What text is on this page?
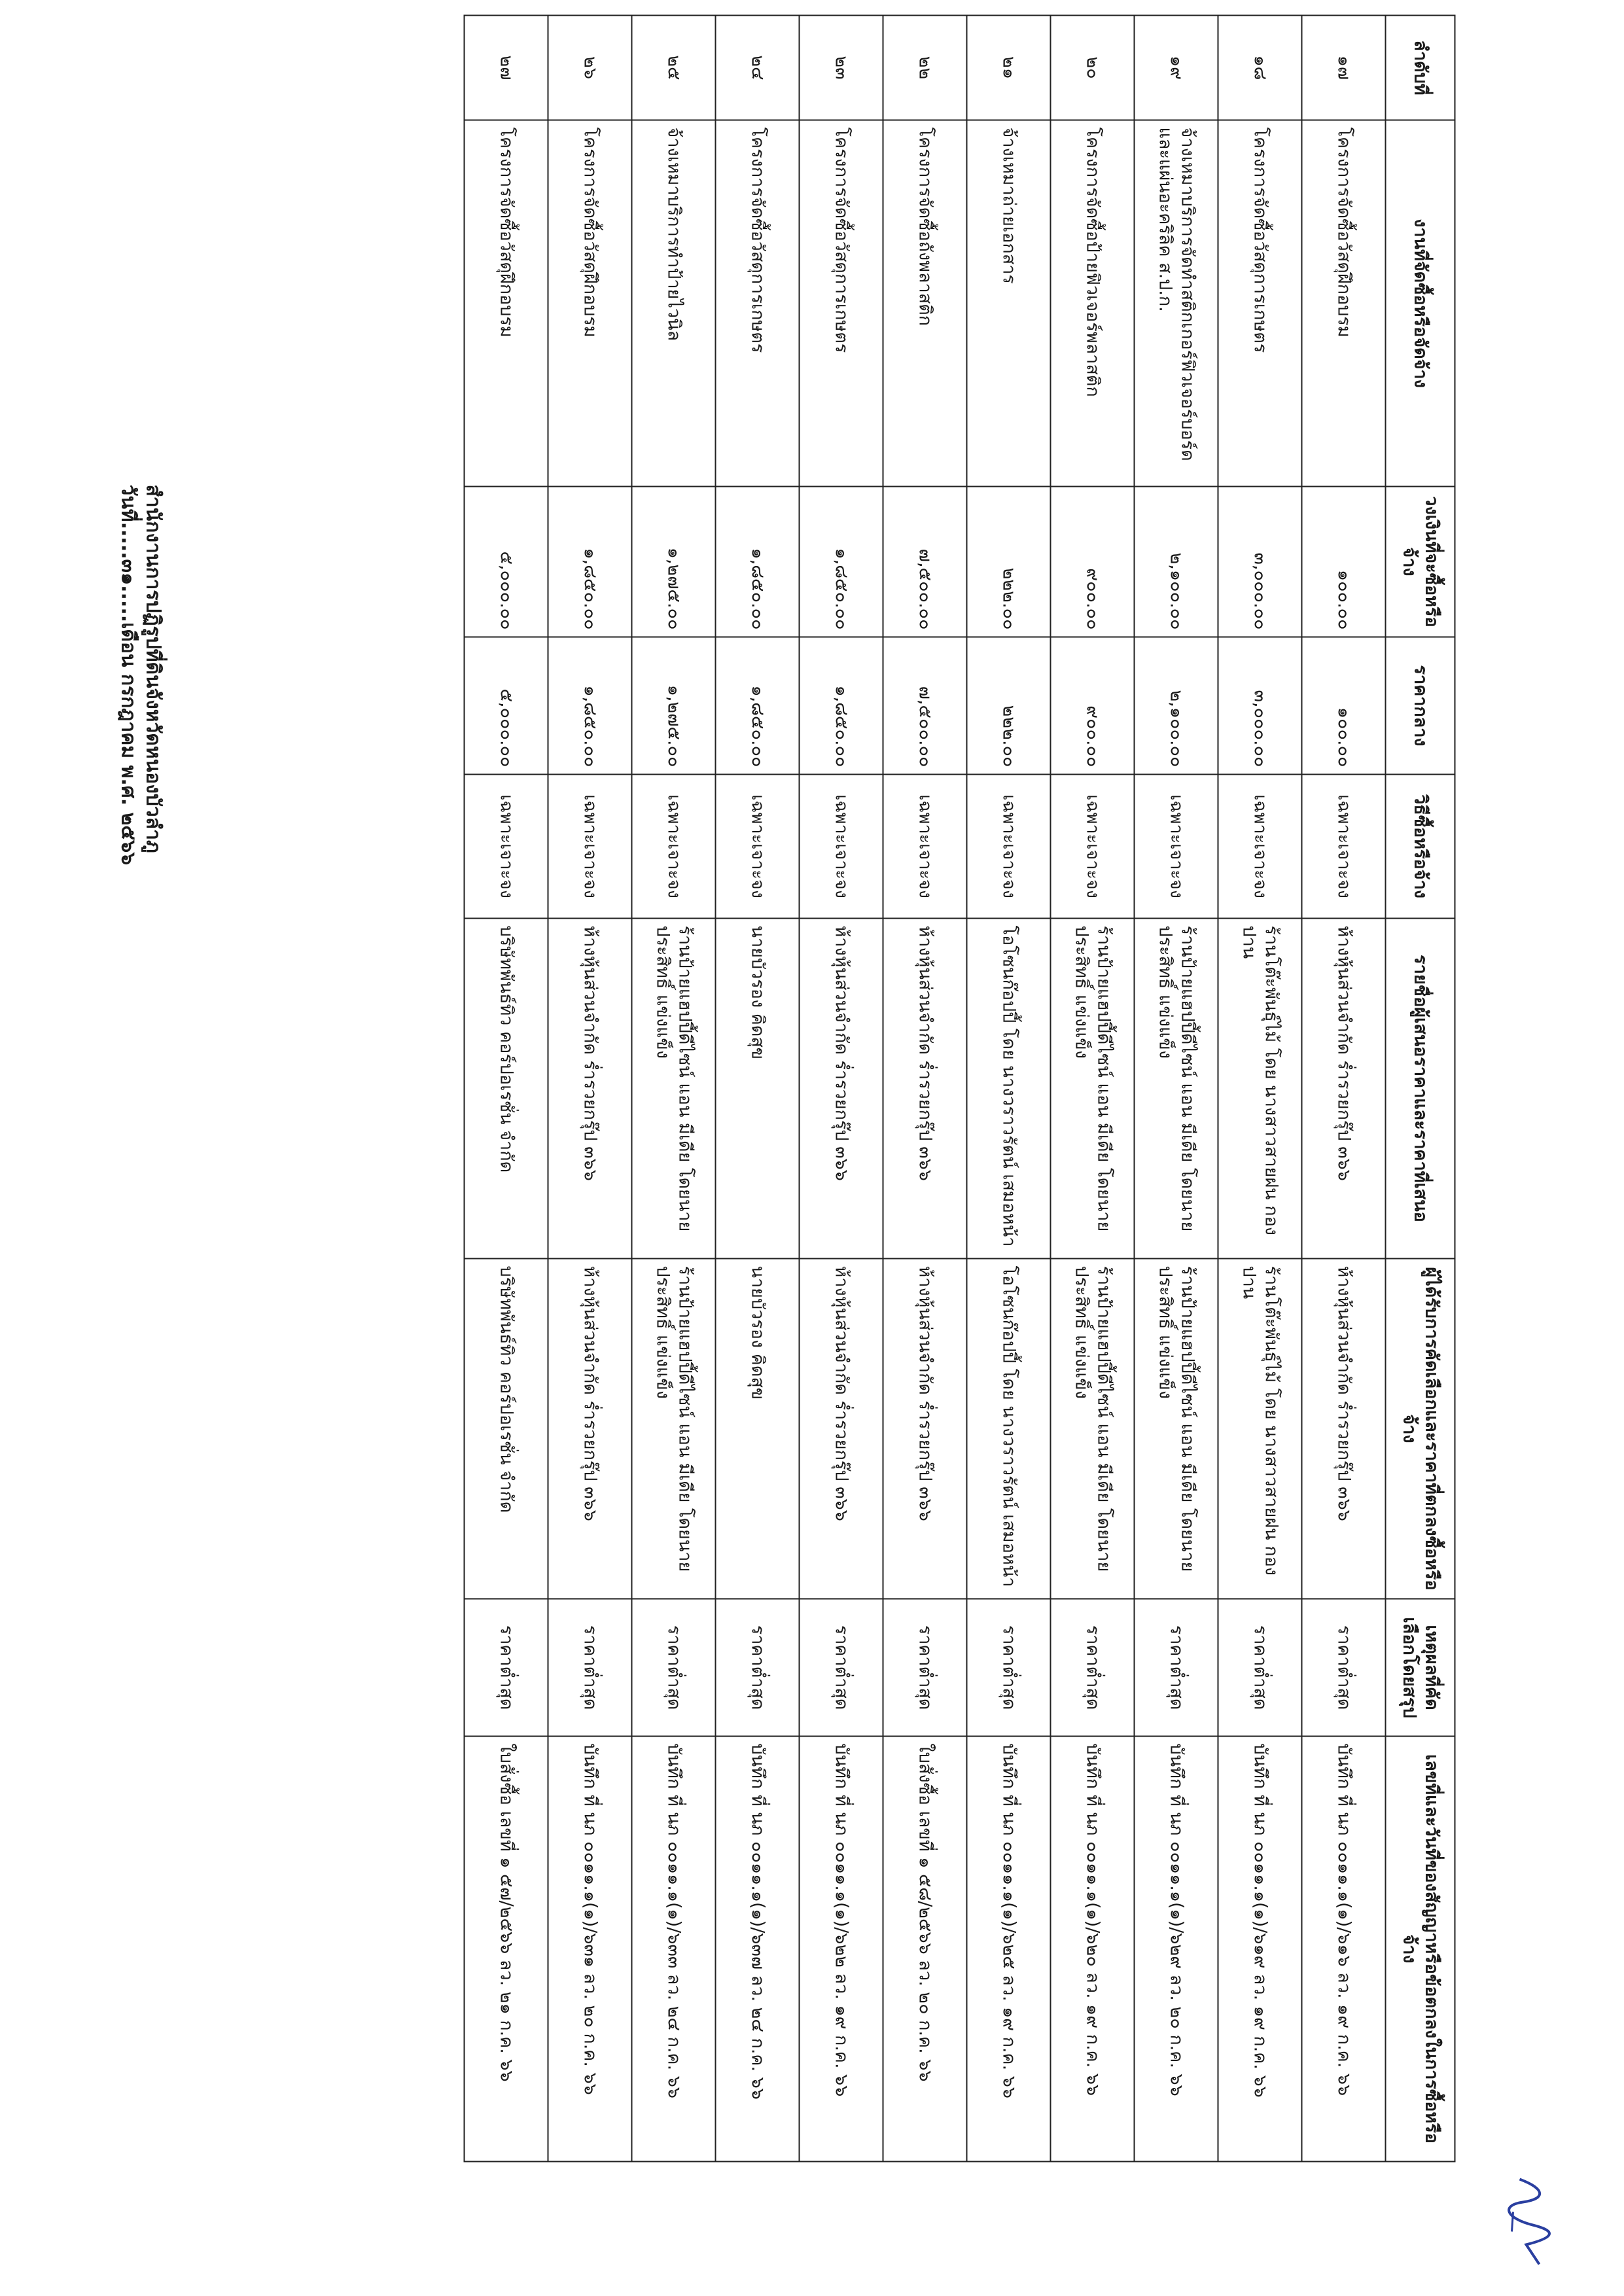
สำนักงานการปฏิรูปที่ดินจังหวัดหนองบัวลำภู
วันที่.....๓๑.....เดือน กรกฎาคม พ.ศ. ๒๕๖๖
ลำดับที่	งานที่จัดซื้อหรือจัดจ้าง	วงเงินที่จะซื้อหรือจ้าง	ราคากลาง	วิธีซื้อหรือจ้าง	รายชื่อผู้เสนอราคาและราคาที่เสนอ	ผู้ได้รับการคัดเลือกและราคาที่ตกลงซื้อหรือจ้าง	เหตุผลที่คัดเลือกโดยสรุป	เลขที่และวันที่ของสัญญาหรือข้อตกลงในการซื้อหรือจ้าง
๑๗	โครงการจัดซื้อวัสดุฝึกอบรม	๑๐๐.๐๐	๑๐๐.๐๐	เฉพาะเจาะจง	ห้างหุ้นส่วนจำกัด ร่ำรวยกรุ๊ป ๓๖๖	ห้างหุ้นส่วนจำกัด ร่ำรวยกรุ๊ป ๓๖๖	ราคาต่ำสุด	บันทึก ที่ นภ ๐๐๑๑.๑(๑)/๖๑๖ ลว. ๑๙ ก.ค. ๖๖
๑๘	โครงการจัดซื้อวัสดุการเกษตร	๓,๐๐๐.๐๐	๓,๐๐๐.๐๐	เฉพาะเจาะจง	ร้านโต๊ะพันธุ์ไม้ โดย นางสาวสายฝน กองปาน	ร้านโต๊ะพันธุ์ไม้ โดย นางสาวสายฝน กองปาน	ราคาต่ำสุด	บันทึก ที่ นภ ๐๐๑๑.๑(๑)/๖๑๙ ลว. ๑๙ ก.ค. ๖๖
๑๙	จ้างเหมาบริการจัดทำสติกเกอร์ฟิวเจอร์บอร์ด และแผ่นอะคริลิค ส.ป.ก.	๒,๑๐๐.๐๐	๒,๑๐๐.๐๐	เฉพาะเจาะจง	ร้านป้ายแฮปปี้ดีไซน์ แอน มีเดีย โดยนายประสิทธิ์ แข่งแข็ง	ร้านป้ายแฮปปี้ดีไซน์ แอน มีเดีย โดยนายประสิทธิ์ แข่งแข็ง	ราคาต่ำสุด	บันทึก ที่ นภ ๐๐๑๑.๑(๑)/๖๒๙ ลว. ๒๐ ก.ค. ๖๖
๒๐	โครงการจัดซื้อป้ายฟิวเจอร์พลาสติก	๙๐๐.๐๐	๙๐๐.๐๐	เฉพาะเจาะจง	ร้านป้ายแฮปปี้ดีไซน์ แอน มีเดีย โดยนายประสิทธิ์ แข่งแข็ง	ร้านป้ายแฮปปี้ดีไซน์ แอน มีเดีย โดยนายประสิทธิ์ แข่งแข็ง	ราคาต่ำสุด	บันทึก ที่ นภ ๐๐๑๑.๑(๑)/๖๒๐ ลว. ๑๙ ก.ค. ๖๖
๒๑	จ้างเหมาถ่ายเอกสาร	๒๒๒.๐๐	๒๒๒.๐๐	เฉพาะเจาะจง	โอโซนก๊อปปี้ โดย นางวราวรัตน์ เสมอหน้า	โอโซนก๊อปปี้ โดย นางวราวรัตน์ เสมอหน้า	ราคาต่ำสุด	บันทึก ที่ นภ ๐๐๑๑.๑(๑)/๖๒๕ ลว. ๑๙ ก.ค. ๖๖
๒๒	โครงการจัดซื้อถังพลาสติก	๗,๕๐๐.๐๐	๗,๕๐๐.๐๐	เฉพาะเจาะจง	ห้างหุ้นส่วนจำกัด ร่ำรวยกรุ๊ป ๓๖๖	ห้างหุ้นส่วนจำกัด ร่ำรวยกรุ๊ป ๓๖๖	ราคาต่ำสุด	ใบสั่งซื้อ เลขที่ ๑ ๕๘/๒๕๖๖ ลว. ๒๐ ก.ค. ๖๖
๒๓	โครงการจัดซื้อวัสดุการเกษตร	๑,๘๕๐.๐๐	๑,๘๕๐.๐๐	เฉพาะเจาะจง	ห้างหุ้นส่วนจำกัด ร่ำรวยกรุ๊ป ๓๖๖	ห้างหุ้นส่วนจำกัด ร่ำรวยกรุ๊ป ๓๖๖	ราคาต่ำสุด	บันทึก ที่ นภ ๐๐๑๑.๑(๑)/๖๒๒ ลว. ๑๙ ก.ค. ๖๖
๒๔	โครงการจัดซื้อวัสดุการเกษตร	๑,๘๕๐.๐๐	๑,๘๕๐.๐๐	เฉพาะเจาะจง	นายบัวรอง คิดสุข	นายบัวรอง คิดสุข	ราคาต่ำสุด	บันทึก ที่ นภ ๐๐๑๑.๑(๑)/๖๓๗ ลว. ๒๔ ก.ค. ๖๖
๒๕	จ้างเหมาบริการทำป้ายไวนิล	๑,๒๗๕.๐๐	๑,๒๗๕.๐๐	เฉพาะเจาะจง	ร้านป้ายแฮปปี้ดีไซน์ แอน มีเดีย โดยนายประสิทธิ์ แข่งแข็ง	ร้านป้ายแฮปปี้ดีไซน์ แอน มีเดีย โดยนายประสิทธิ์ แข่งแข็ง	ราคาต่ำสุด	บันทึก ที่ นภ ๐๐๑๑.๑(๑)/๖๓๓ ลว. ๒๔ ก.ค. ๖๖
๒๖	โครงการจัดซื้อวัสดุฝึกอบรม	๑,๘๕๐.๐๐	๑,๘๕๐.๐๐	เฉพาะเจาะจง	ห้างหุ้นส่วนจำกัด ร่ำรวยกรุ๊ป ๓๖๖	ห้างหุ้นส่วนจำกัด ร่ำรวยกรุ๊ป ๓๖๖	ราคาต่ำสุด	บันทึก ที่ นภ ๐๐๑๑.๑(๑)/๖๓๑ ลว. ๒๐ ก.ค. ๖๖
๒๗	โครงการจัดซื้อวัสดุฝึกอบรม	๕,๐๐๐.๐๐	๕,๐๐๐.๐๐	เฉพาะเจาะจง	บริษัทพันธ์ทิว คอร์ปอเรชั่น จำกัด	บริษัทพันธ์ทิว คอร์ปอเรชั่น จำกัด	ราคาต่ำสุด	ใบสั่งซื้อ เลขที่ ๑ ๕๗/๒๕๖๖ ลว. ๒๑ ก.ค. ๖๖
